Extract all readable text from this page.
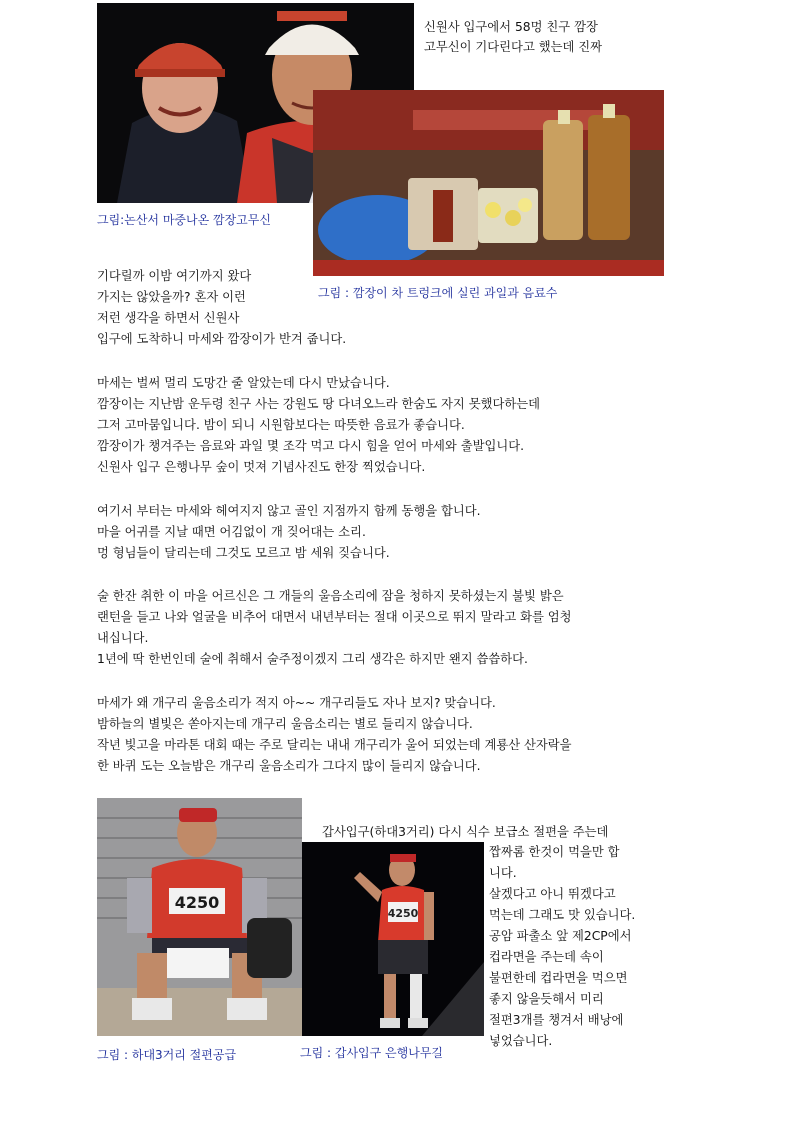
신원사 입구에서 58멍 친구 깜장
고무신이 기다린다고 했는데 진짜
그림:논산서 마중나온 깜장고무신
그림 : 깜장이 차 트렁크에 실린 과일과 음료수
기다릴까 이밤 여기까지 왔다
가지는 않았을까? 혼자 이런
저런 생각을 하면서 신원사
입구에 도착하니 마세와 깜장이가 반겨 줍니다.
마세는 벌써 멀리 도망간 줄 알았는데 다시 만났습니다.
깜장이는 지난밤 운두령 친구 사는 강원도 땅 다녀오느라 한숨도 자지 못했다하는데
그저 고마뭄입니다. 밤이 되니 시원함보다는 따뜻한 음료가 좋습니다.
깜장이가 챙겨주는 음료와 과일 몇 조각 먹고 다시 힘을 얻어 마세와 출발입니다.
신원사 입구 은행나무 숲이 멋져 기념사진도 한장 찍었습니다.
여기서 부터는 마세와 헤여지지 않고 골인 지점까지 함께 동행을 합니다.
마을 어귀를 지날 때면 어김없이 개 짖어대는 소리.
멍 형님들이 달리는데 그것도 모르고 밤 세워 짖습니다.
술 한잔 취한 이 마을 어르신은 그 개들의 울음소리에 잠을 청하지 못하셨는지 불빛 밝은
랜턴을 들고 나와 얼굴을 비추어 대면서 내년부터는 절대 이곳으로 뛰지 말라고 화를 엄청
내십니다.
1년에 딱 한번인데 술에 취해서 술주정이겠지 그리 생각은 하지만 왠지 씁씁하다.
마세가 왜 개구리 울음소리가 적지 아~~ 개구리들도 자나 보지? 맞습니다.
밤하늘의 별빛은 쏟아지는데 개구리 울음소리는 별로 들리지 않습니다.
작년 빛고을 마라톤 대회 때는 주로 달리는 내내 개구리가 울어 되었는데 계룡산 산자락을
한 바퀴 도는 오늘밤은 개구리 울음소리가 그다지 많이 들리지 않습니다.
4250
4250
그림 : 하대3거리 절편공급	그림 : 갑사입구 은행나무길
갑사입구(하대3거리) 다시 식수 보급소 절편을 주는데
짭짜롬 한것이 먹을만 합
니다.
살겠다고 아니 뛰겠다고
먹는데 그래도 맛 있습니다.
공암 파출소 앞 제2CP에서
컵라면을 주는데 속이
불편한데 컵라면을 먹으면
좋지 않을듯해서 미리
절편3개를 챙겨서 배낭에
넣었습니다.
